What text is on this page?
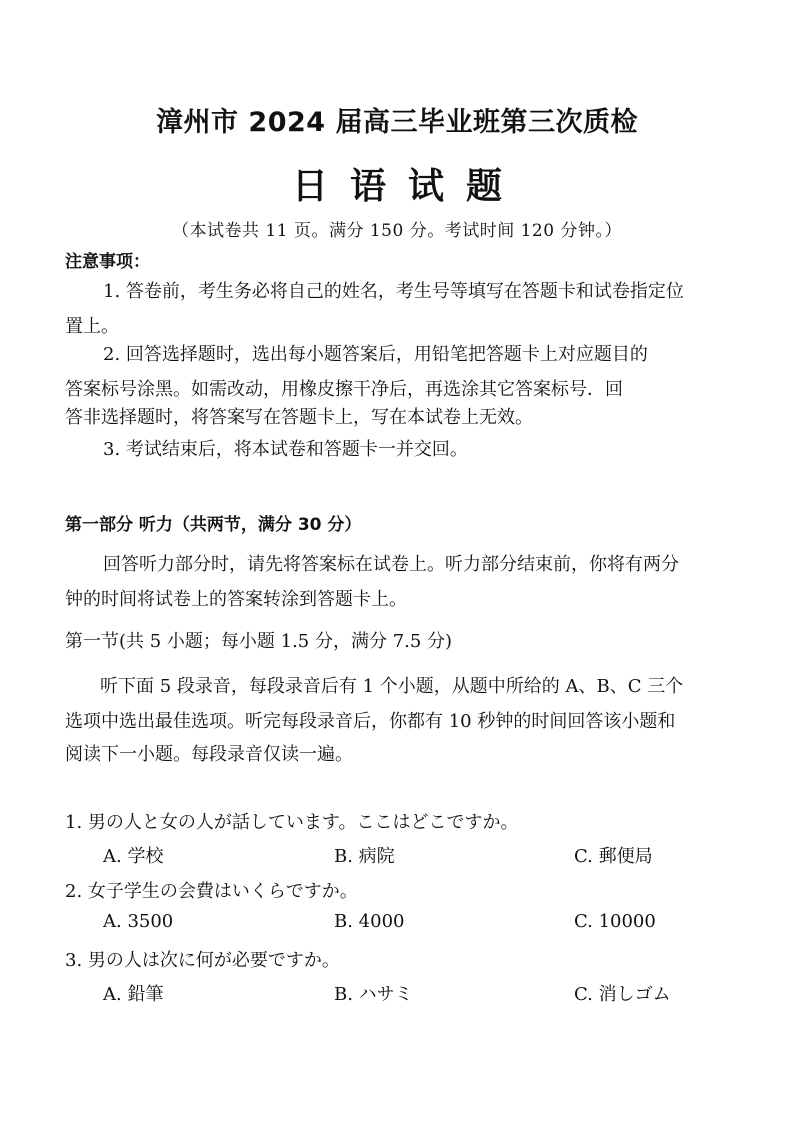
漳州市 2024 届高三毕业班第三次质检
日语试题
（本试卷共 11 页。满分 150 分。考试时间 120 分钟。）
注意事项：
1. 答卷前，考生务必将自己的姓名，考生号等填写在答题卡和试卷指定位
置上。
2. 回答选择题时，选出每小题答案后，用铅笔把答题卡上对应题目的
答案标号涂黑。如需改动，用橡皮擦干净后，再选涂其它答案标号．回
答非选择题时，将答案写在答题卡上，写在本试卷上无效。
3. 考试结束后，将本试卷和答题卡一并交回。
第一部分 听力（共两节，满分 30 分）
回答听力部分时，请先将答案标在试卷上。听力部分结束前，你将有两分
钟的时间将试卷上的答案转涂到答题卡上。
第一节(共 5 小题；每小题 1.5 分，满分 7.5 分)
听下面 5 段录音，每段录音后有 1 个小题，从题中所给的 A、B、C 三个
选项中选出最佳选项。听完每段录音后，你都有 10 秒钟的时间回答该小题和
阅读下一小题。每段录音仅读一遍。
1. 男の人と女の人が話しています。ここはどこですか。
A. 学校	B. 病院	C. 郵便局
2. 女子学生の会費はいくらですか。
A. 3500	B. 4000	C. 10000
3. 男の人は次に何が必要ですか。
A. 鉛筆	B. ハサミ	C. 消しゴム
